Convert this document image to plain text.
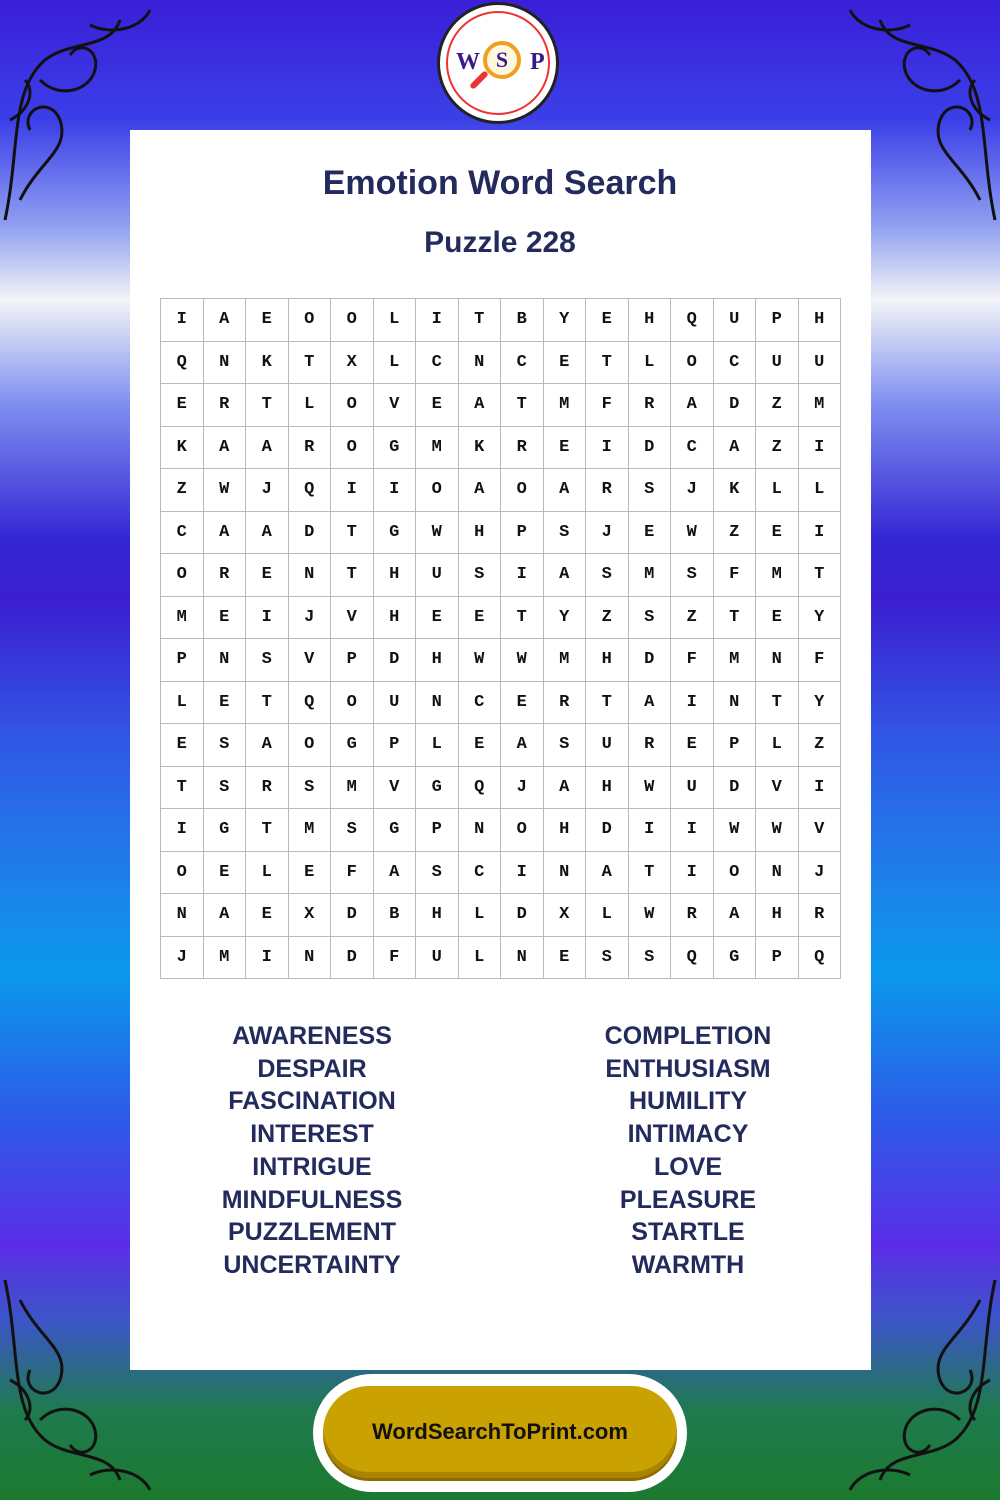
W S P
Emotion Word Search
Puzzle 228
I	A	E	O	O	L	I	T	B	Y	E	H	Q	U	P	H
Q	N	K	T	X	L	C	N	C	E	T	L	O	C	U	U
E	R	T	L	O	V	E	A	T	M	F	R	A	D	Z	M
K	A	A	R	O	G	M	K	R	E	I	D	C	A	Z	I
Z	W	J	Q	I	I	O	A	O	A	R	S	J	K	L	L
C	A	A	D	T	G	W	H	P	S	J	E	W	Z	E	I
O	R	E	N	T	H	U	S	I	A	S	M	S	F	M	T
M	E	I	J	V	H	E	E	T	Y	Z	S	Z	T	E	Y
P	N	S	V	P	D	H	W	W	M	H	D	F	M	N	F
L	E	T	Q	O	U	N	C	E	R	T	A	I	N	T	Y
E	S	A	O	G	P	L	E	A	S	U	R	E	P	L	Z
T	S	R	S	M	V	G	Q	J	A	H	W	U	D	V	I
I	G	T	M	S	G	P	N	O	H	D	I	I	W	W	V
O	E	L	E	F	A	S	C	I	N	A	T	I	O	N	J
N	A	E	X	D	B	H	L	D	X	L	W	R	A	H	R
J	M	I	N	D	F	U	L	N	E	S	S	Q	G	P	Q
AWARENESS
DESPAIR
FASCINATION
INTEREST
INTRIGUE
MINDFULNESS
PUZZLEMENT
UNCERTAINTY
COMPLETION
ENTHUSIASM
HUMILITY
INTIMACY
LOVE
PLEASURE
STARTLE
WARMTH
WordSearchToPrint.com
